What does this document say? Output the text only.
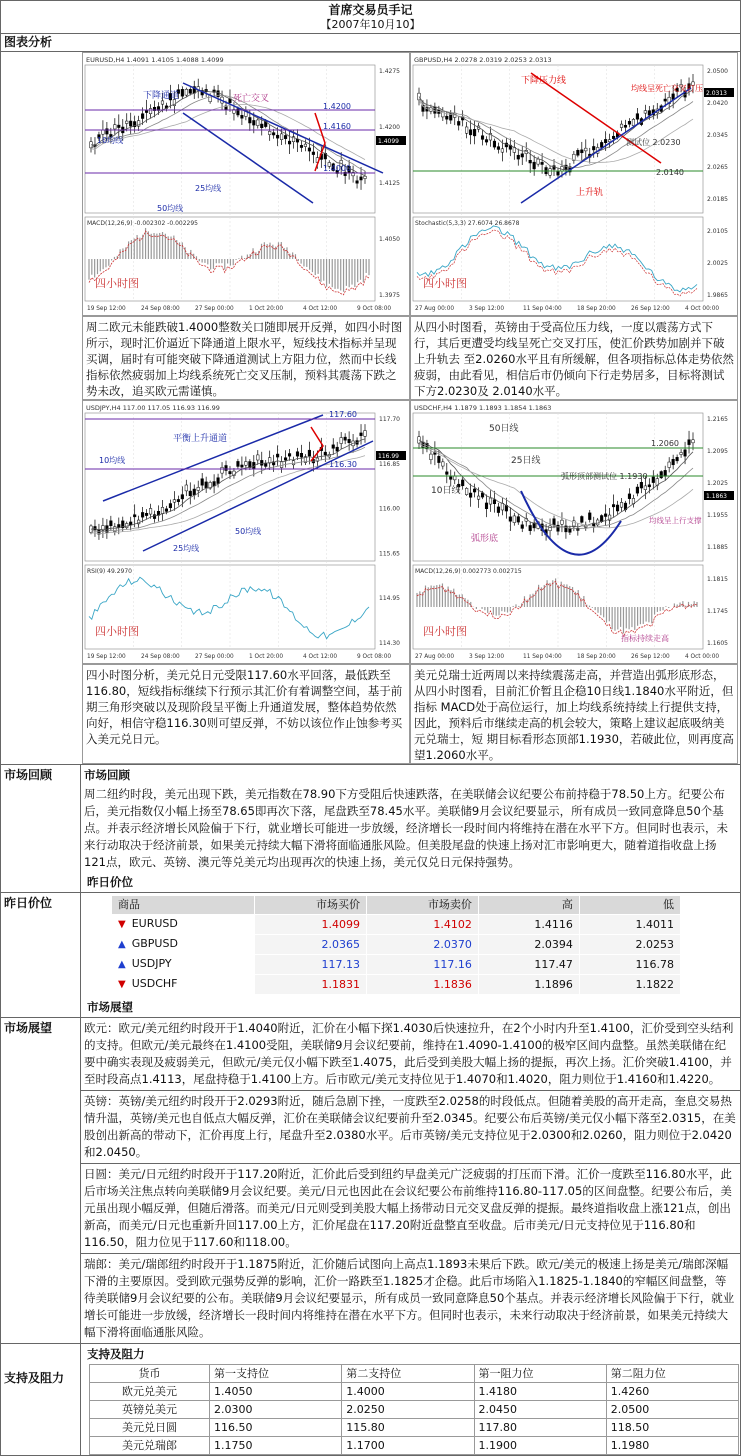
首席交易员手记
【2007年10月10】
图表分析
EURUSD,H4 1.4091 1.4105 1.4088 1.4099
1.4275
1.4200
1.4125
1.4050
1.3975
19 Sep 12:00	24 Sep 08:00	27 Sep 00:00	1 Oct 20:00	4 Oct 12:00	9 Oct 08:00
MACD(12,26,9) -0.002302 -0.002295
四小时图
1.4099
下降通道	死亡交叉
10均线
25均线
50均线
1.4200
1.4160
1.4000
GBPUSD,H4 2.0278 2.0319 2.0253 2.0313
2.0500
2.0420
2.0345
2.0265
2.0185
2.0105
2.0025
1.9865
27 Aug 00:00	3 Sep 12:00	11 Sep 04:00	18 Sep 20:00	26 Sep 12:00	4 Oct 00:00
Stochastic(5,3,3) 27.6074 26.8678
四小时图
2.0313
下降压力线
均线呈死亡交叉打压
测试位 2.0230
2.0140
上升轨
周二欧元未能跌破1.4000整数关口随即展开反弹，如四小时图所示，现时汇价逼近下降通道上限水平，短线技术指标并呈现买调，届时有可能突破下降通道测试上方阻力位，然而中长线指标依然疲弱加上均线系统死亡交叉压制，预料其震荡下跌之势未改，追买欧元需谨慎。
从四小时图看，英镑由于受高位压力线，一度以震荡方式下行，其后更遭受均线呈死亡交叉打压，使汇价跌势加剧并下破上升轨去 至2.0260水平且有所缓解，但各项指标总体走势依然疲弱，由此看见，相信后市仍倾向下行走势居多，目标将测试下方2.0230及 2.0140水平。
USDJPY,H4 117.00 117.05 116.93 116.99
117.70
116.85
116.00
115.65
114.95
114.30
19 Sep 12:00	24 Sep 08:00	27 Sep 00:00	1 Oct 20:00	4 Oct 12:00	9 Oct 08:00
RSI(9) 49.2970
四小时图
116.99
平衡上升通道
117.60
116.30
10均线
25均线
50均线
USDCHF,H4 1.1879 1.1893 1.1854 1.1863
1.2165
1.2095
1.2025
1.1955
1.1885
1.1815
1.1745
1.1605
27 Aug 00:00	3 Sep 12:00	11 Sep 04:00	18 Sep 20:00	26 Sep 12:00	4 Oct 00:00
MACD(12,26,9) 0.002773 0.002715
四小时图
1.1863
50日线
25日线
1.2060
弧形顶部测试位 1.1930
10日线
均线呈上行支撑
弧形底
指标持续走高
四小时图分析，美元兑日元受限117.60水平回落，最低跌至116.80，短线指标继续下行预示其汇价有着调整空间，基于前期三角形突破以及现阶段呈平衡上升通道发展，整体趋势依然向好，相信守稳116.30则可望反弹，不妨以该位作止蚀参考买入美元兑日元。
美元兑瑞士近两周以来持续震荡走高，并营造出弧形底形态，从四小时图看，目前汇价暂且企稳10日线1.1840水平附近，但指标 MACD处于高位运行，加上均线系统持续上行提供支持，因此，预料后市继续走高的机会较大，策略上建议起底吸纳美元兑瑞士，短 期目标看形态顶部1.1930，若破此位，则再度高望1.2060水平。
市场回顾	市场回顾
周二纽约时段，美元出现下跌，美元指数在78.90下方受阻后快速跌落，在美联储会议纪要公布前持稳于78.50上方。纪要公布后，美元指数仅小幅上扬至78.65即再次下落，尾盘跌至78.45水平。美联储9月会议纪要显示，所有成员一致同意降息50个基点。并表示经济增长风险偏于下行，就业增长可能进一步放缓，经济增长一段时间内将维持在潜在水平下方。但同时也表示，未来行动取决于经济前景，如果美元持续大幅下滑将面临通胀风险。但美股尾盘的快速上扬对汇市影响更大，随着道指收盘上扬121点，欧元、英镑、澳元等兑美元均出现再次的快速上扬，美元仅兑日元保持强势。
昨日价位
昨日价位	商品	市场买价	市场卖价	高	低
▼ EURUSD	1.4099	1.4102	1.4116	1.4011
▲ GBPUSD	2.0365	2.0370	2.0394	2.0253
▲ USDJPY	117.13	117.16	117.47	116.78
▼ USDCHF	1.1831	1.1836	1.1896	1.1822
市场展望
市场展望	欧元：欧元/美元纽约时段开于1.4040附近，汇价在小幅下探1.4030后快速拉升，在2个小时内升至1.4100，汇价受到空头结利的支持。但欧元/美元最终在1.4100受阻，美联储9月会议纪要前，维持在1.4090-1.4100的极窄区间内盘整。虽然美联储在纪要中确实表现及疲弱美元，但欧元/美元仅小幅下跌至1.4075，此后受到美股大幅上扬的提振，再次上扬。汇价突破1.4100，并至时段高点1.4113，尾盘持稳于1.4100上方。后市欧元/美元支持位见于1.4070和1.4020，阻力则位于1.4160和1.4220。

英镑：英镑/美元纽约时段开于2.0293附近，随后急剧下挫，一度跌至2.0258的时段低点。但随着美股的高开走高，奎息交易热情升温，英镑/美元也自低点大幅反弹，汇价在美联储会议纪要前升至2.0345。纪要公布后英镑/美元仅小幅下落至2.0315，在美股创出新高的带动下，汇价再度上行，尾盘升至2.0380水平。后市英镑/美元支持位见于2.0300和2.0260，阻力则位于2.0420和2.0450。

日圆：美元/日元纽约时段开于117.20附近，汇价此后受到纽约早盘美元广泛疲弱的打压而下滑。汇价一度跌至116.80水平，此后市场关注焦点转向美联储9月会议纪要。美元/日元也因此在会议纪要公布前维持116.80-117.05的区间盘整。纪要公布后，美元虽出现小幅反弹，但随后滑落。而美元/日元则受到美股大幅上扬带动日元交叉盘反弹的提振。最终道指收盘上涨121点，创出新高，而美元/日元也重新升回117.00上方，汇价尾盘在117.20附近盘整直至收盘。后市美元/日元支持位见于116.80和116.50，阻力位见于117.60和118.00。

瑞郎：美元/瑞郎纽约时段开于1.1875附近，汇价随后试图向上高点1.1893未果后下跌。欧元/美元的极速上扬是美元/瑞郎深幅下滑的主要原因。受到欧元强势反弹的影响，汇价一路跌至1.1825才企稳。此后市场陷入1.1825-1.1840的窄幅区间盘整，等待美联储9月会议纪要的公布。美联储9月会议纪要显示，所有成员一致同意降息50个基点。并表示经济增长风险偏于下行，就业增长可能进一步放缓，经济增长一段时间内将维持在潜在水平下方。但同时也表示，未来行动取决于经济前景，如果美元持续大幅下滑将面临通胀风险。

支持及阻力
支持及阻力
货币	第一支持位	第二支持位	第一阻力位	第二阻力位
欧元兑美元	1.4050	1.4000	1.4180	1.4260
英镑兑美元	2.0300	2.0250	2.0450	2.0500
美元兑日圆	116.50	115.80	117.80	118.50
美元兑瑞郎	1.1750	1.1700	1.1900	1.1980
